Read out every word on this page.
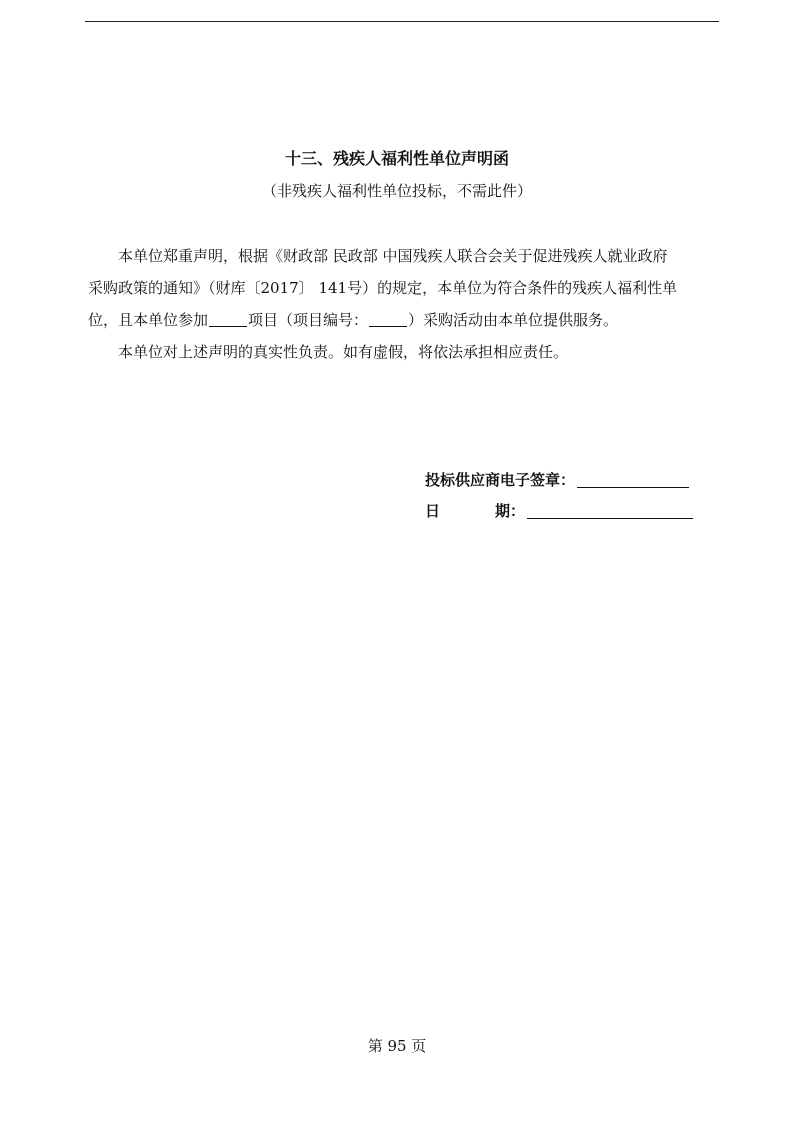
十三、残疾人福利性单位声明函
（非残疾人福利性单位投标，不需此件）
本单位郑重声明，根据《财政部 民政部 中国残疾人联合会关于促进残疾人就业政府
采购政策的通知》（财库〔2017〕 141号）的规定，本单位为符合条件的残疾人福利性单
位，且本单位参加	项目（项目编号：	）采购活动由本单位提供服务。
本单位对上述声明的真实性负责。如有虚假，将依法承担相应责任。
投标供应商电子签章：
日	期：
第 95 页
